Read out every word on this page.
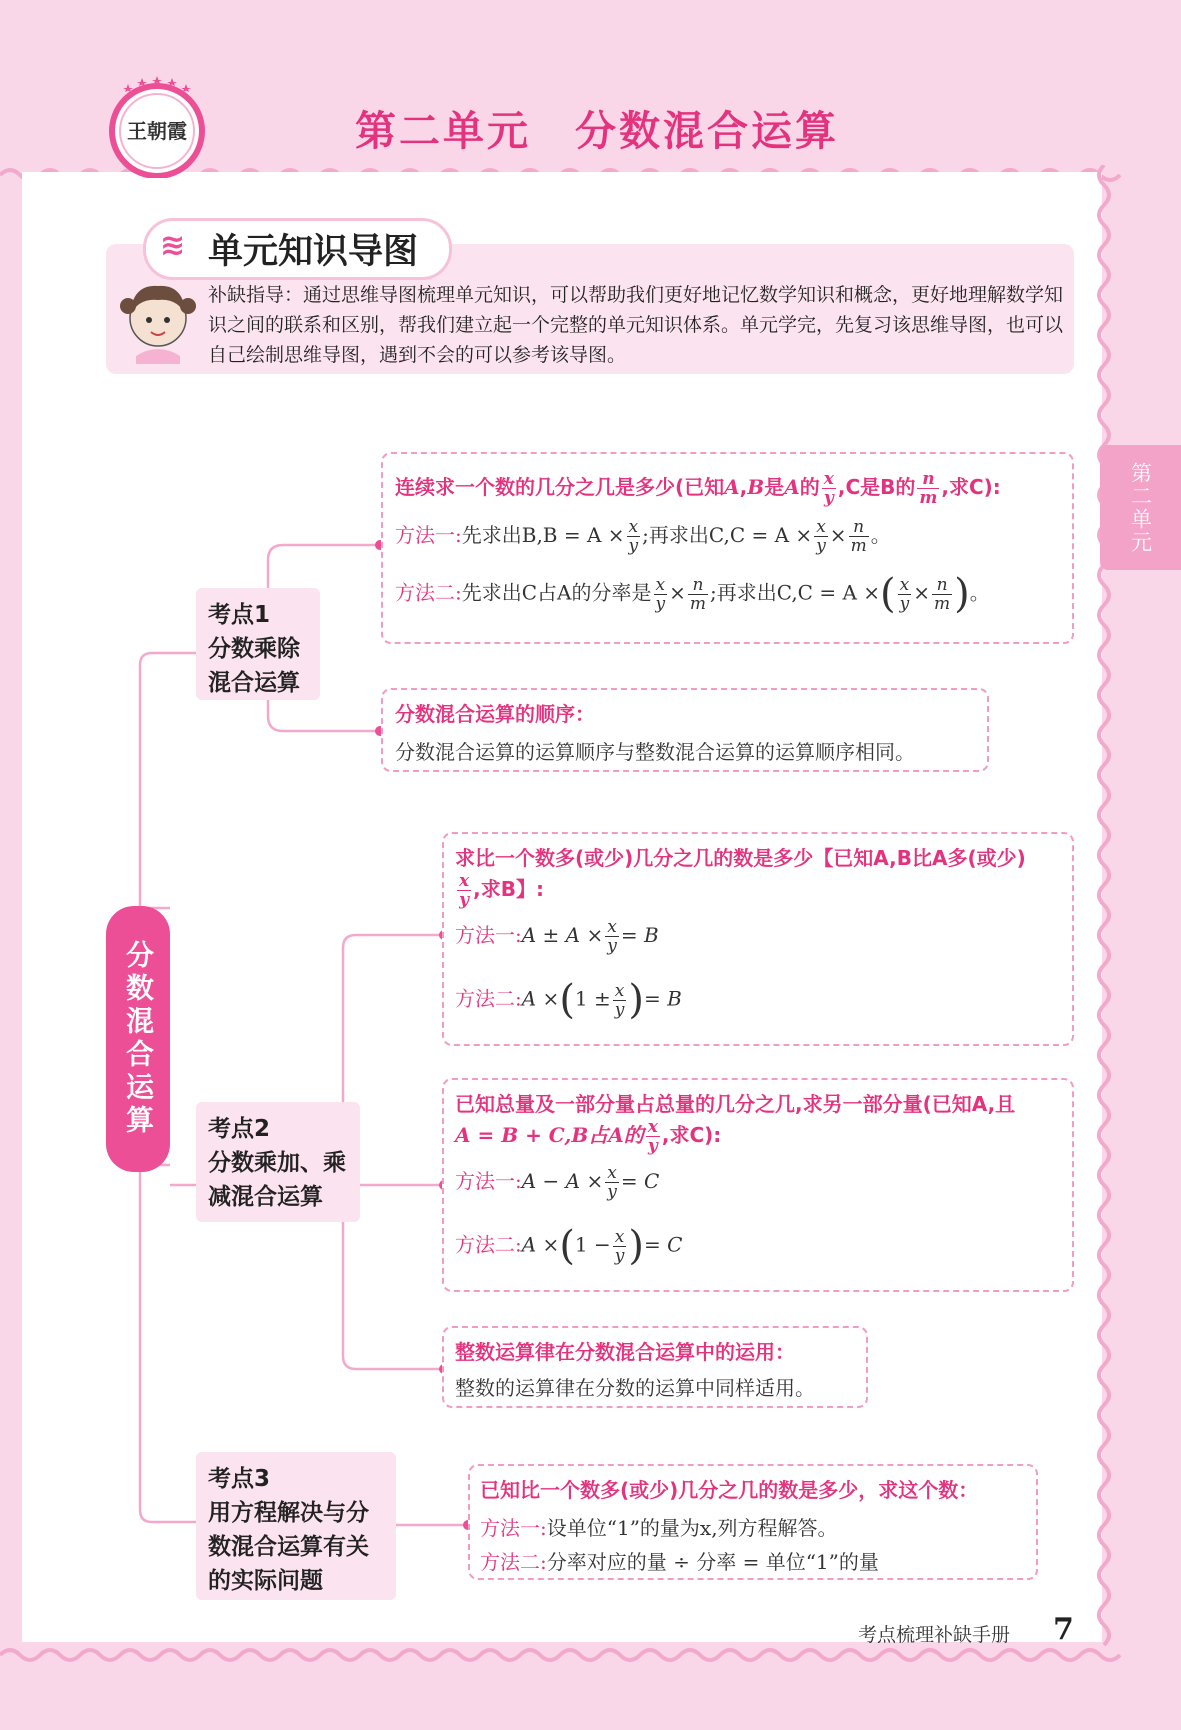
王朝霞	第二单元　分数混合运算
第二单元
≋ 单元知识导图
补缺指导：通过思维导图梳理单元知识，可以帮助我们更好地记忆数学知识和概念，更好地理解数学知识之间的联系和区别，帮我们建立起一个完整的单元知识体系。单元学完，先复习该思维导图，也可以自己绘制思维导图，遇到不会的可以参考该导图。
分数混合运算
考点1
分数乘除混合运算
考点2
分数乘加、乘减混合运算
考点3
用方程解决与分数混合运算有关的实际问题
连续求一个数的几分之几是多少(已知A,B是A的 $\frac{x}{y} ,C$是B的 $\frac{n}{m}$ ,求C):
方法一:先求出$B,B = A \times \frac{x}{y}$ ;再求出$C,C = A \times \frac{x}{y} \times \frac{n}{m}$ 。
方法二:先求出C占A的分率是 $\frac{x}{y} \times \frac{n}{m}$ ;再求出C,C = A ×( $\frac{x}{y} \times \frac{n}{m}$ )。
分数混合运算的顺序：
分数混合运算的运算顺序与整数混合运算的运算顺序相同。
求比一个数多(或少)几分之几的数是多少【已知A,B比A多(或少)
$\frac{x}{y}$ ,求B】:
方法一:A ± $A \times \frac{x}{y} = B$
方法二:A $\times(1 \pm \frac{x}{y}$ )= B
已知总量及一部分量占总量的几分之几,求另一部分量(已知A,且
A = B + C,B占A的 $\frac{x}{y}$ ,求C):
方法一:A − $A \times \frac{x}{y} = C$
方法二:A $\times(1 - \frac{x}{y}$ )= C
整数运算律在分数混合运算中的运用：
整数的运算律在分数的运算中同样适用。
已知比一个数多(或少)几分之几的数是多少，求这个数：
方法一:设单位“1”的量为x,列方程解答。
方法二:分率对应的量 ÷ 分率 = 单位“1”的量
考点梳理补缺手册 7
